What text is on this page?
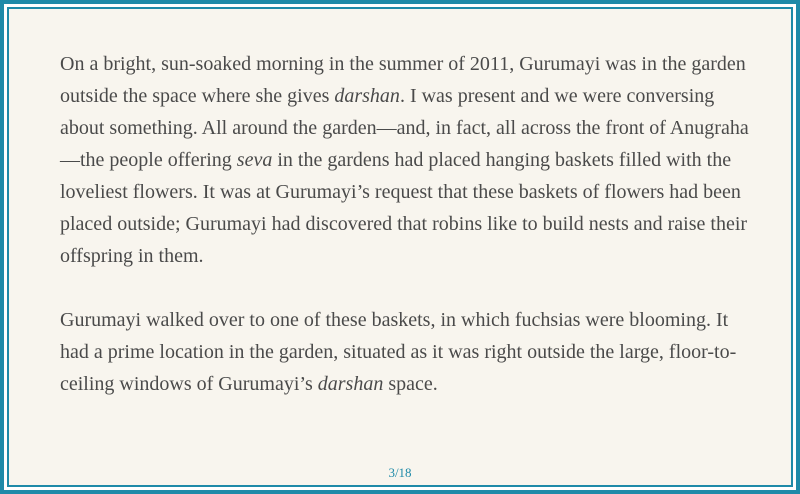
On a bright, sun-soaked morning in the summer of 2011, Gurumayi was in the garden outside the space where she gives darshan. I was present and we were conversing about something. All around the garden—and, in fact, all across the front of Anugraha—the people offering seva in the gardens had placed hanging baskets filled with the loveliest flowers. It was at Gurumayi’s request that these baskets of flowers had been placed outside; Gurumayi had discovered that robins like to build nests and raise their offspring in them.

Gurumayi walked over to one of these baskets, in which fuchsias were blooming. It had a prime location in the garden, situated as it was right outside the large, floor-to-ceiling windows of Gurumayi’s darshan space.

3/18
